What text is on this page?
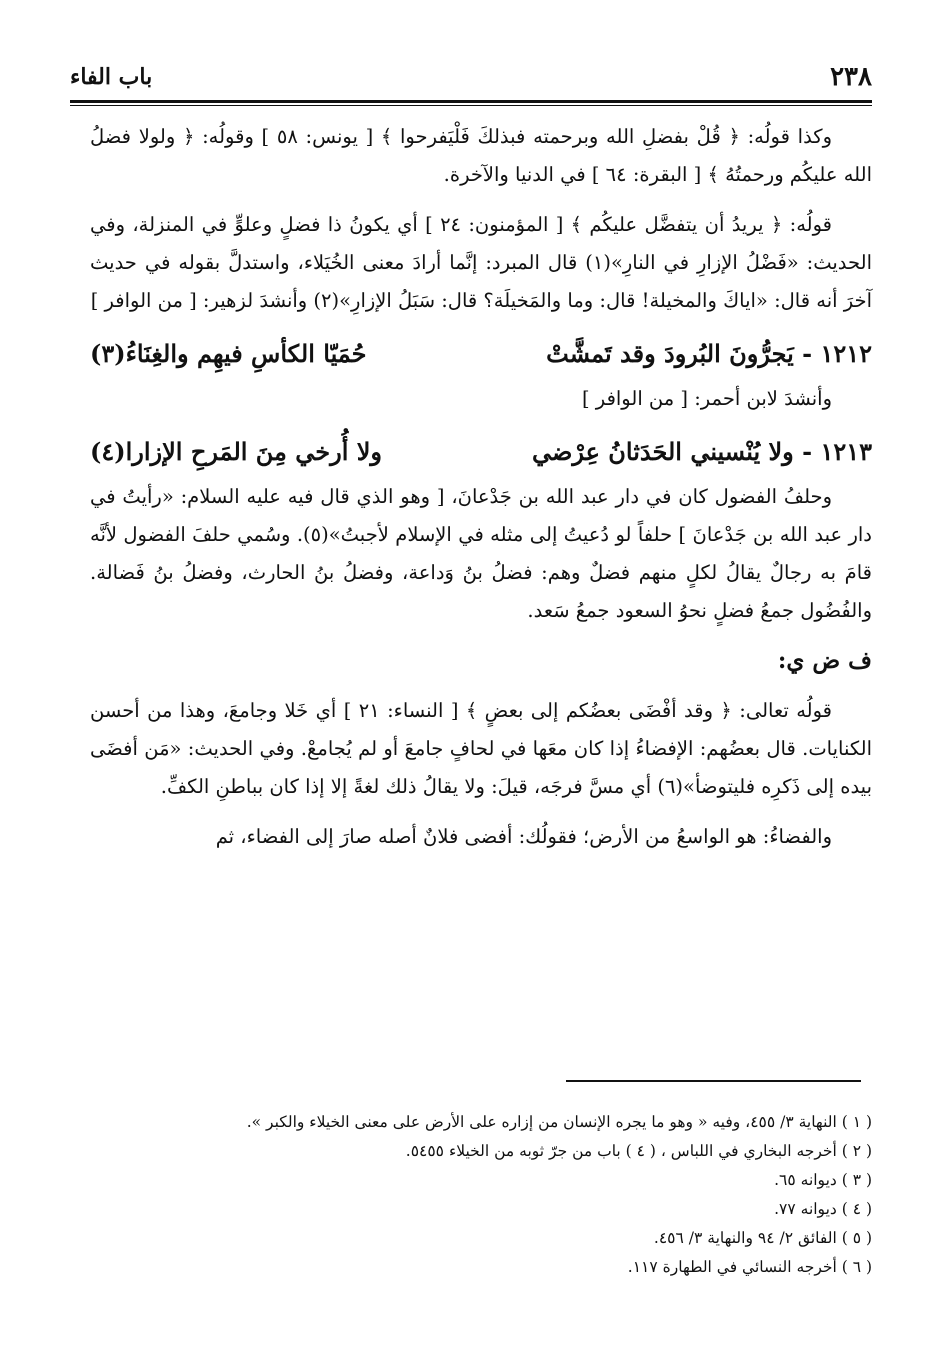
٢٣٨
باب الفاء

وكذا قولُه: ﴿ قُلْ بفضلِ الله وبرحمته فبذلكَ فَلْيَفرحوا ﴾ [ يونس: ٥٨ ] وقولُه: ﴿ ولولا فضلُ الله عليكُم ورحمتُهُ ﴾ [ البقرة: ٦٤ ] في الدنيا والآخرة.

قولُه: ﴿ يريدُ أن يتفضَّل عليكُم ﴾ [ المؤمنون: ٢٤ ] أي يكونُ ذا فضلٍ وعلوٍّ في المنزلة، وفي الحديث: «فَضْلُ الإزارِ في النارِ»(١) قال المبرد: إنَّما أرادَ معنى الخُيَلاء، واستدلَّ بقوله في حديث آخرَ أنه قال: «اياكَ والمخيلة! قال: وما والمَخيلَة؟ قال: سَبَلُ الإزارِ»(٢) وأنشدَ لزهير: [ من الوافر ]

١٢١٢ - يَجرُّونَ البُرودَ وقد تَمشَّتْ
حُمَيّا الكأسِ فيهِم والغِنَاءُ(٣)

وأنشدَ لابن أحمر: [ من الوافر ]

١٢١٣ - ولا يُنْسيني الحَدَثانُ عِرْضي
ولا أُرخي مِنَ المَرحِ الإزارا(٤)

وحلفُ الفضول كان في دار عبد الله بن جَدْعانَ، [ وهو الذي قال فيه عليه السلام: «رأيتُ في دار عبد الله بن جَدْعانَ ] حلفاً لو دُعيتُ إلى مثله في الإسلام لأجبتُ»(٥). وسُمي حلفَ الفضول لأنَّه قامَ به رجالٌ يقالُ لكلٍ منهم فضلٌ وهم: فضلُ بنُ وَداعة، وفضلُ بنُ الحارث، وفضلُ بنُ فَضالة. والفُضُول جمعُ فضلٍ نحوُ السعود جمعُ سَعد.

ف ض ي:

قولُه تعالى: ﴿ وقد أفْضَى بعضُكم إلى بعضٍ ﴾ [ النساء: ٢١ ] أي خَلا وجامعَ، وهذا من أحسن الكنايات. قال بعضُهم: الإفضاءُ إذا كان معَها في لحافٍ جامعَ أو لم يُجامعْ. وفي الحديث: «مَن أفضَى بيده إلى ذَكرِه فليتوضأ»(٦) أي مسَّ فرجَه، قيلَ: ولا يقالُ ذلك لغةً إلا إذا كان بباطنِ الكفِّ.

والفضاءُ: هو الواسعُ من الأرض؛ فقولُك: أفضى فلانٌ أصله صارَ إلى الفضاء، ثم

( ١ ) النهاية ٣/ ٤٥٥، وفيه « وهو ما يجره الإنسان من إزاره على الأرض على معنى الخيلاء والكبر ».

( ٢ ) أخرجه البخاري في اللباس ، ( ٤ ) باب من جرّ ثوبه من الخيلاء ٥٤٥٥.

( ٣ ) ديوانه ٦٥.

( ٤ ) ديوانه ٧٧.

( ٥ ) الفائق ٢/ ٩٤ والنهاية ٣/ ٤٥٦.

( ٦ ) أخرجه النسائي في الطهارة ١١٧.
